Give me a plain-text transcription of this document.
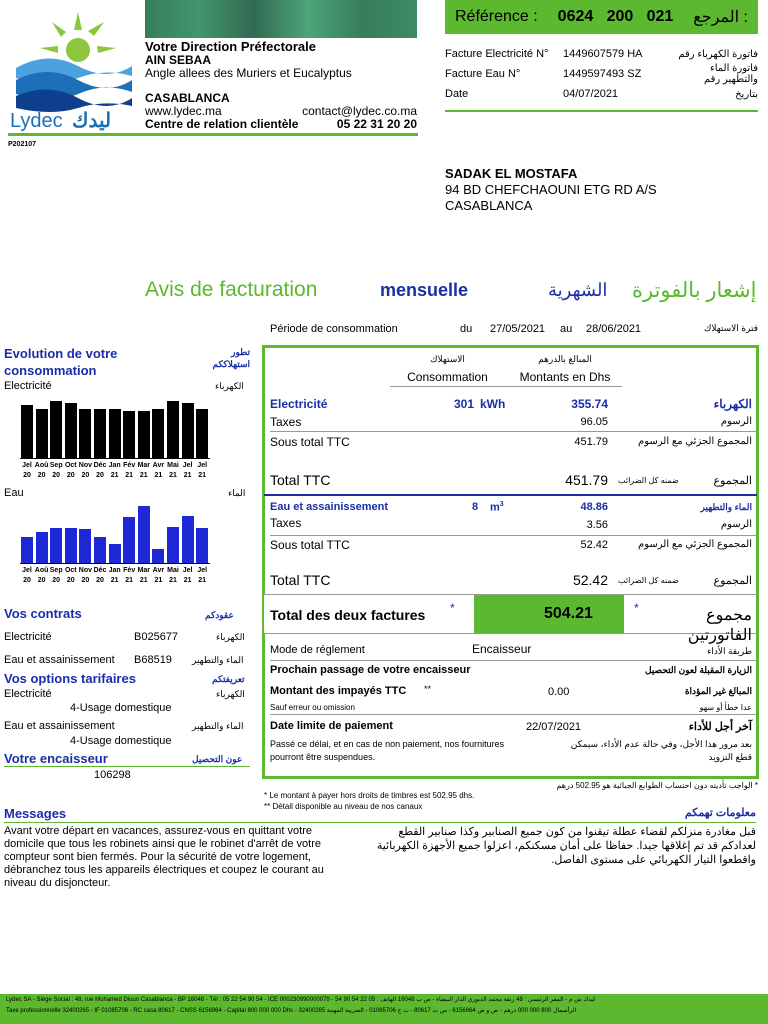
Lydec ليدك
Votre Direction Préfectorale
AIN SEBAA
Angle allees des Muriers et Eucalyptus
CASABLANCA
www.lydec.ma	contact@lydec.co.ma
Centre de relation clientèle	05 22 31 20 20
P202107
Référence : 0624   200   021 المرجع :
Facture Electricité N°	1449607579 HA	فاتورة الكهرباء رقم
Facture Eau N°	1449597493 SZ	فاتورة الماء والتطهير رقم
Date	04/07/2021	بتاريخ
SADAK EL MOSTAFA
94 BD CHEFCHAOUNI ETG RD A/S
CASABLANCA
Avis de facturation	mensuelle	الشهرية إشعار بالفوترة
Période de consommation	du 27/05/2021 au 28/06/2021	فترة الاستهلاك
Evolution de votre consommation
تطور استهلاككم
Electricité	الكهرباء
Jel
20
Aoû
20
Sep
20
Oct
20
Nov
20
Déc
20
Jan
21
Fév
21
Mar
21
Avr
21
Mai
21
Jel
21
Jel
21
Eau	الماء
Jel
20
Aoû
20
Sep
20
Oct
20
Nov
20
Déc
20
Jan
21
Fév
21
Mar
21
Avr
21
Mai
21
Jel
21
Jel
21
Vos contrats	عقودكم
Electricité	B025677	الكهرباء
Eau et assainissement B68519 الماء والتطهير
Vos options tarifaires	تعريفتكم
Electricité	الكهرباء
4-Usage domestique
Eau et assainissement	الماء والتطهير
4-Usage domestique
Votre encaisseur	عون التحصيل
106298
الاستهلاك
Consommation
المبالغ بالدرهم
Montants en Dhs
Electricité	301 kWh	355.74	الكهرباء
Taxes	96.05	الرسوم
Sous total TTC	451.79	المجموع الجزئي مع الرسوم
Total TTC	451.79 ضمنه كل الضرائب	المجموع
Eau et assainissement	8 $m^3$	48.86	الماء والتطهير
Taxes	3.56	الرسوم
Sous total TTC	52.42	المجموع الجزئي مع الرسوم
Total TTC	52.42 ضمنه كل الضرائب	المجموع
Total des deux factures *	504.21	*	مجموع الفاتورتين
Mode de réglement	Encaisseur	طريقة الأداء
Prochain passage de votre encaisseur	الزيارة المقبلة لعون التحصيل
Montant des impayés TTC **	0.00	المبالغ غير المؤداة
Sauf erreur ou omission	عدا خطأ أو سهو
Date limite de paiement	22/07/2021	آخر أجل للأداء
Passé ce délai, et en cas de non paiement, nos fournitures pourront être suspendues.
بعد مرور هذا الأجل، وفي حالة عدم الأداء، سيمكن قطع التزويد
* الواجب تأديته دون احتساب الطوابع الجبائية هو 502.95 درهم
* Le montant à payer hors droits de timbres est 502.95 dhs.
** Détail disponible au niveau de nos canaux
Messages	معلومات تهمكم
Avant votre départ en vacances, assurez-vous en quittant votre domicile que tous les robinets ainsi que le robinet d'arrêt de votre compteur sont bien fermés. Pour la sécurité de votre logement, débranchez tous les appareils électriques et coupez le courant au niveau du disjoncteur.
قبل مغادرة منزلكم لقضاء عطلة تيقنوا من كون جميع الصنابير وكذا صنابير القطع لعدادكم قد تم إغلاقها جيدا. حفاظا على أمان مسكنكم، اعزلوا جميع الأجهزة الكهربائية واقطعوا التيار الكهربائي على مستوى الفاصل.
Lydec SA - Siège Social : 48, rue Mohamed Diouri Casablanca - BP 16048 - Tél : 05 22 54 90 54 - ICE 000230990000079 - ليدك ش م - المقر الرئيسي : 48 زنقة محمد الديوري الدار البيضاء - ص ب 16048 الهاتف : 05 22 54 90 54
Taxe professionnelle 32400265 - IF 01085706 - RC casa 80617 - CNSS 6156964 - Capital 800 000 000 Dhs - الرأسمال 800 000 000 درهم - ص و ض 6156964 - س ت 80617 - ت ج 01085706 - الضريبة المهنية 32400265
